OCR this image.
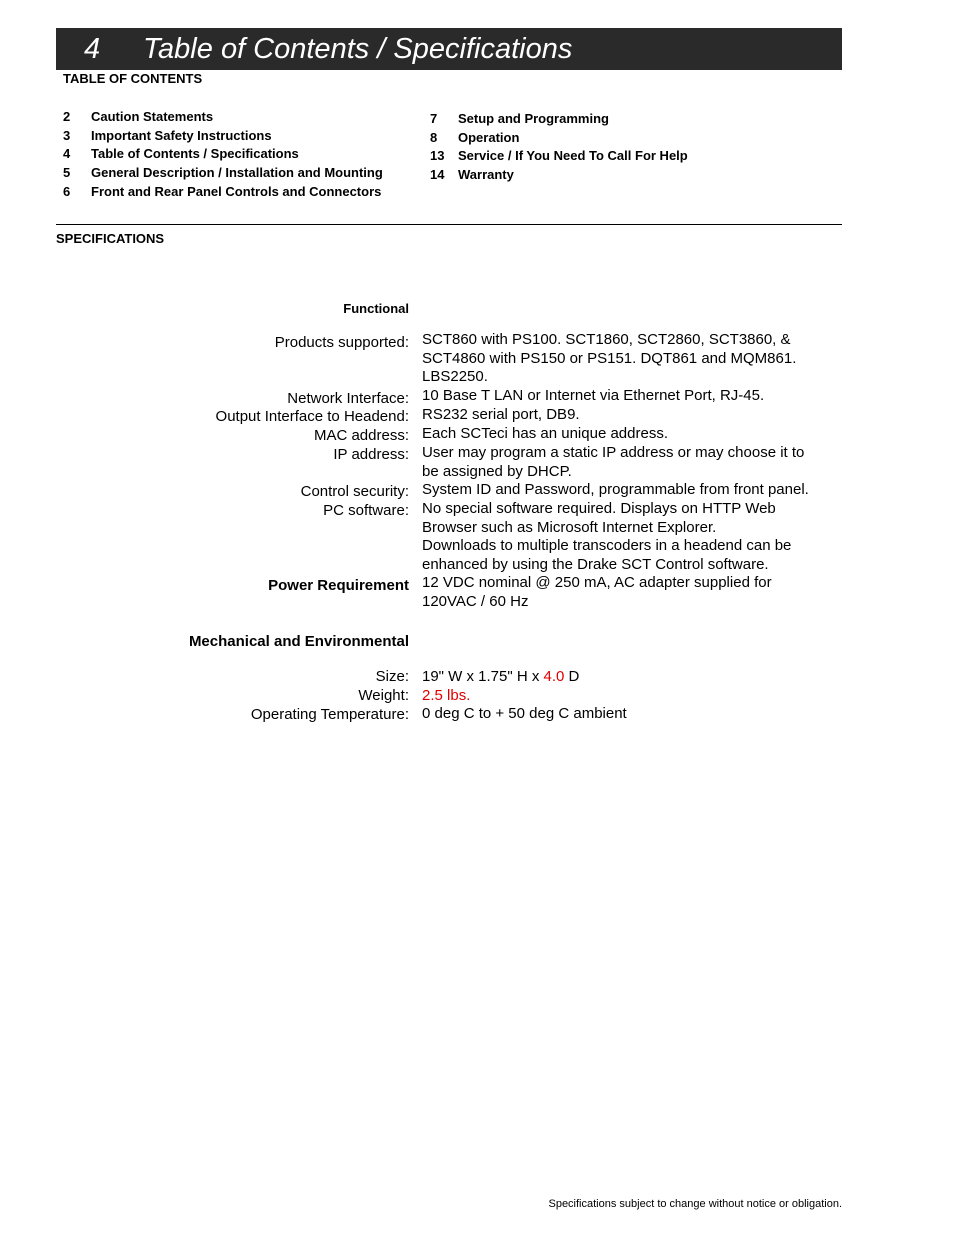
4 Table of Contents / Specifications
TABLE OF CONTENTS
2 Caution Statements
3 Important Safety Instructions
4 Table of Contents / Specifications
5 General Description / Installation and Mounting
6 Front and Rear Panel Controls and Connectors
7 Setup and Programming
8 Operation
13 Service / If You Need To Call For Help
14 Warranty
SPECIFICATIONS
Functional
Products supported: SCT860 with PS100. SCT1860, SCT2860, SCT3860, &
SCT4860 with PS150 or PS151. DQT861 and MQM861.
LBS2250.
Network Interface: 10 Base T LAN or Internet via Ethernet Port, RJ-45.
Output Interface to Headend: RS232 serial port, DB9.
MAC address: Each SCTeci has an unique address.
IP address: User may program a static IP address or may choose it to
be assigned by DHCP.
Control security: System ID and Password, programmable from front panel.
PC software: No special software required. Displays on HTTP Web
Browser such as Microsoft Internet Explorer.
Downloads to multiple transcoders in a headend can be
enhanced by using the Drake SCT Control software.
Power Requirement 12 VDC nominal @ 250 mA, AC adapter supplied for
120VAC / 60 Hz
Mechanical and Environmental
Size: 19" W x 1.75" H x 4.0 D
Weight: 2.5 lbs.
Operating Temperature: 0 deg C to + 50 deg C ambient
Specifications subject to change without notice or obligation.
